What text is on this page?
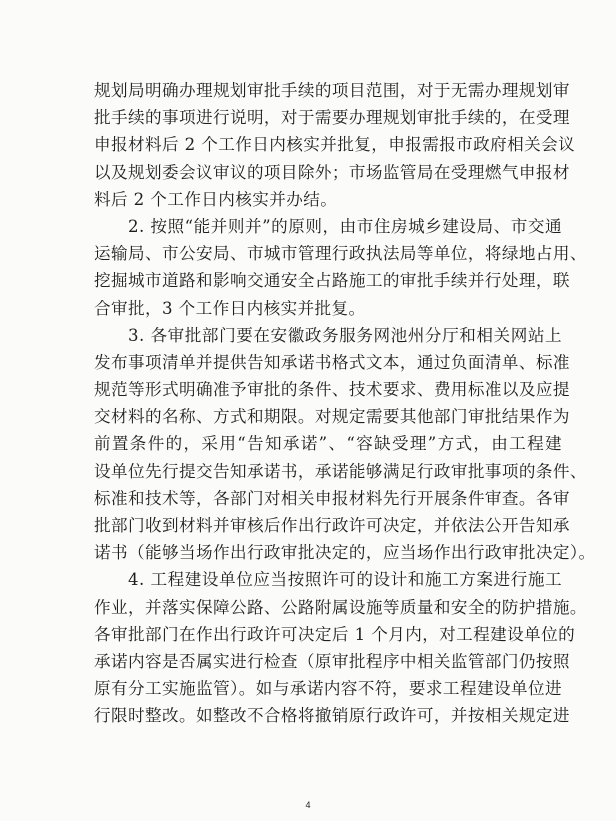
规划局明确办理规划审批手续的项目范围，对于无需办理规划审
批手续的事项进行说明，对于需要办理规划审批手续的，在受理
申报材料后 2 个工作日内核实并批复，申报需报市政府相关会议
以及规划委会议审议的项目除外；市场监管局在受理燃气申报材
料后 2 个工作日内核实并办结。
2. 按照“能并则并”的原则，由市住房城乡建设局、市交通
运输局、市公安局、市城市管理行政执法局等单位，将绿地占用、
挖掘城市道路和影响交通安全占路施工的审批手续并行处理，联
合审批，3 个工作日内核实并批复。
3. 各审批部门要在安徽政务服务网池州分厅和相关网站上
发布事项清单并提供告知承诺书格式文本，通过负面清单、标准
规范等形式明确准予审批的条件、技术要求、费用标准以及应提
交材料的名称、方式和期限。对规定需要其他部门审批结果作为
前置条件的，采用“告知承诺”、“容缺受理”方式，由工程建
设单位先行提交告知承诺书，承诺能够满足行政审批事项的条件、
标准和技术等，各部门对相关申报材料先行开展条件审查。各审
批部门收到材料并审核后作出行政许可决定，并依法公开告知承
诺书（能够当场作出行政审批决定的，应当场作出行政审批决定）。
4. 工程建设单位应当按照许可的设计和施工方案进行施工
作业，并落实保障公路、公路附属设施等质量和安全的防护措施。
各审批部门在作出行政许可决定后 1 个月内，对工程建设单位的
承诺内容是否属实进行检查（原审批程序中相关监管部门仍按照
原有分工实施监管）。如与承诺内容不符，要求工程建设单位进
行限时整改。如整改不合格将撤销原行政许可，并按相关规定进
4
